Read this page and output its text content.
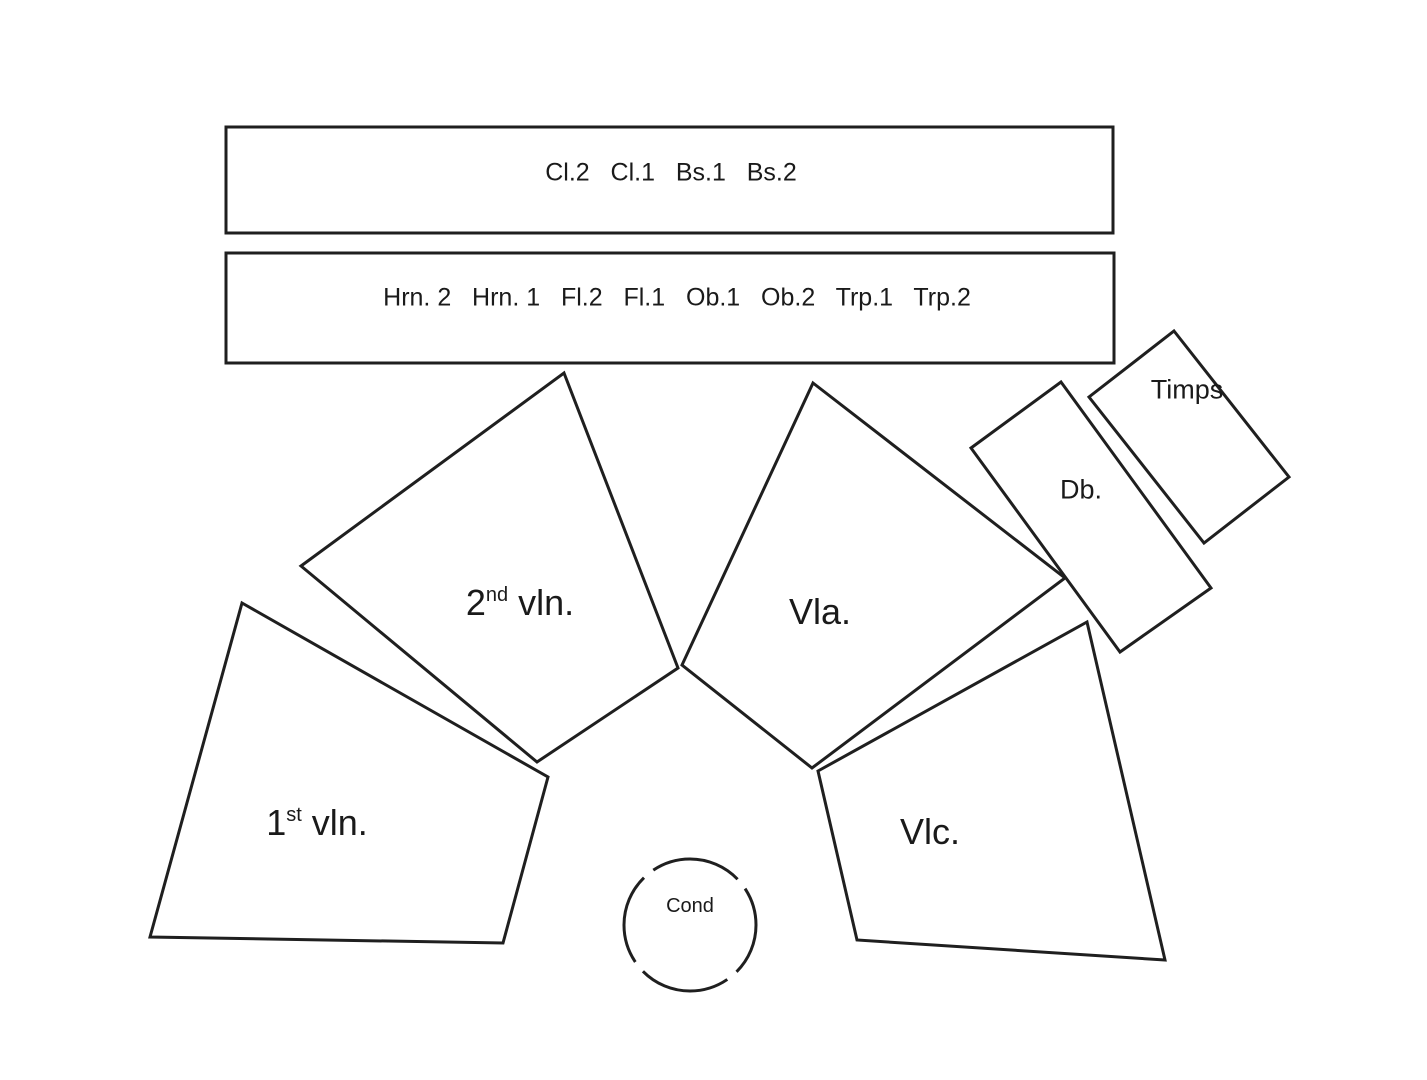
Cl.2   Cl.1   Bs.1   Bs.2
Hrn. 2   Hrn. 1   Fl.2   Fl.1   Ob.1   Ob.2   Trp.1   Trp.2
Timps
Db.
2nd vln.	Vla.
1st vln.	Vlc.
Cond
